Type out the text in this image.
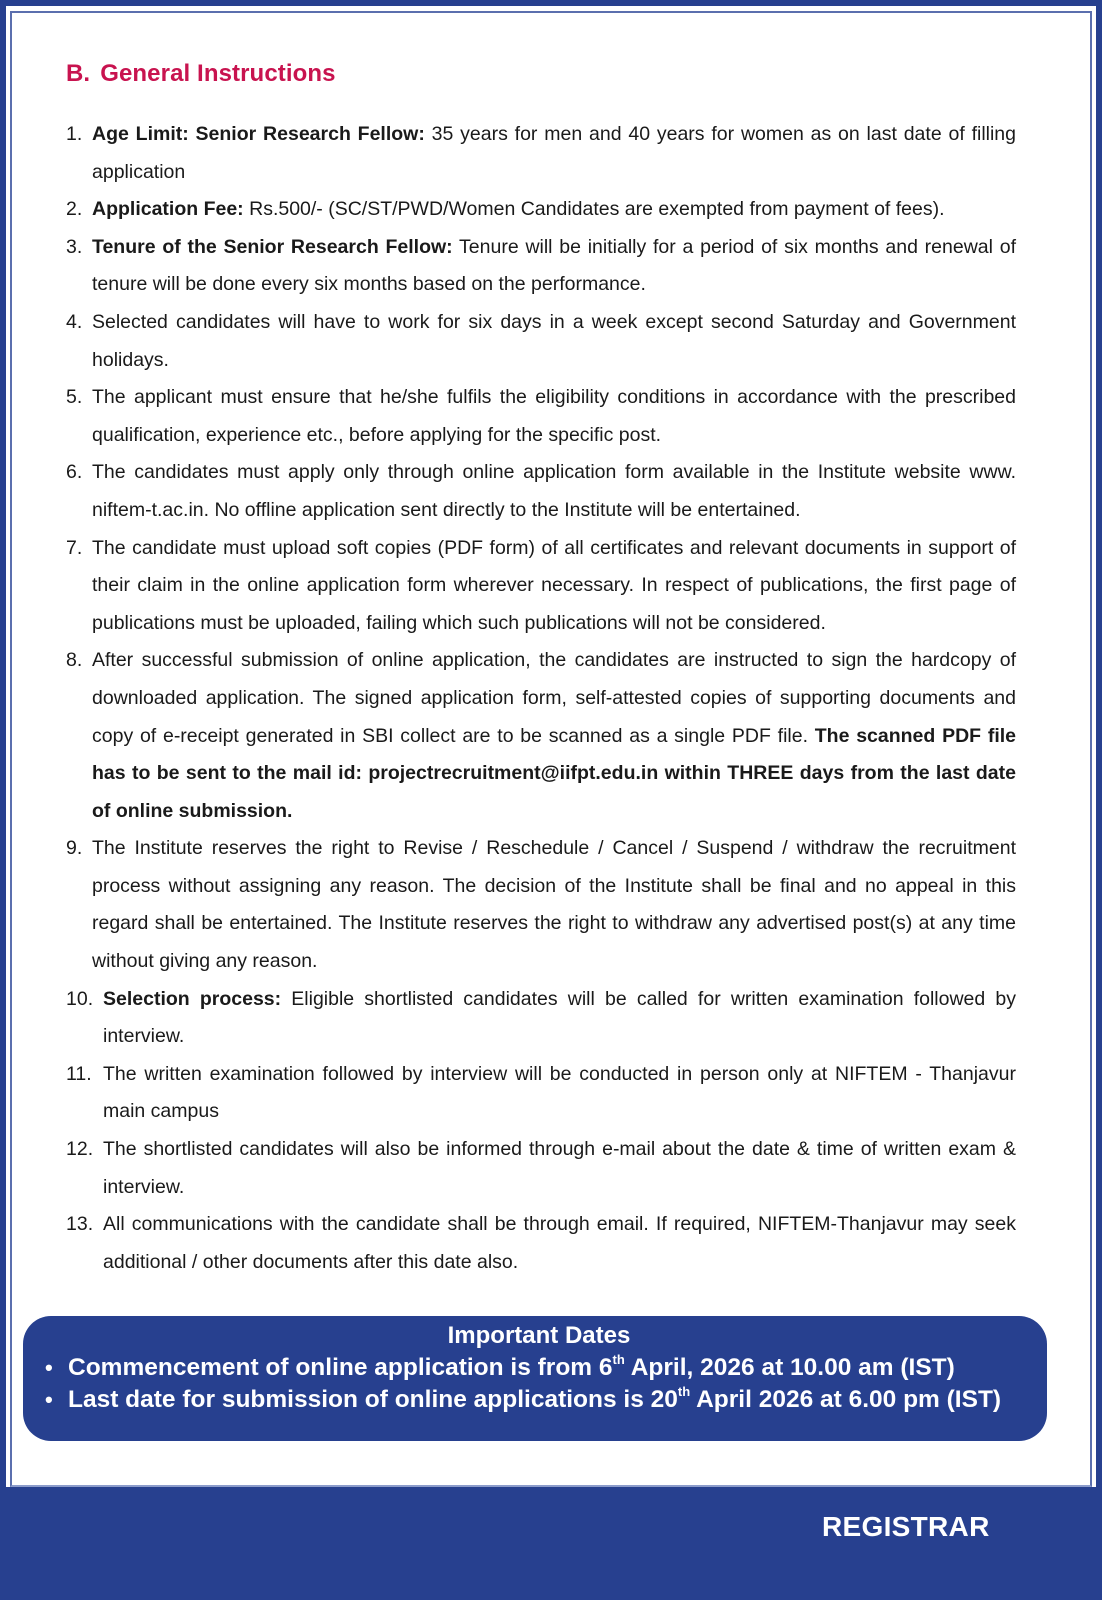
B. General Instructions
1. Age Limit: Senior Research Fellow: 35 years for men and 40 years for women as on last date of filling application
2. Application Fee: Rs.500/- (SC/ST/PWD/Women Candidates are exempted from payment of fees).
3. Tenure of the Senior Research Fellow: Tenure will be initially for a period of six months and renewal of tenure will be done every six months based on the performance.
4. Selected candidates will have to work for six days in a week except second Saturday and Government holidays.
5. The applicant must ensure that he/she fulfils the eligibility conditions in accordance with the prescribed qualification, experience etc., before applying for the specific post.
6. The candidates must apply only through online application form available in the Institute website www. niftem-t.ac.in. No offline application sent directly to the Institute will be entertained.
7. The candidate must upload soft copies (PDF form) of all certificates and relevant documents in support of their claim in the online application form wherever necessary. In respect of publications, the first page of publications must be uploaded, failing which such publications will not be considered.
8. After successful submission of online application, the candidates are instructed to sign the hardcopy of downloaded application. The signed application form, self-attested copies of supporting documents and copy of e-receipt generated in SBI collect are to be scanned as a single PDF file. The scanned PDF file has to be sent to the mail id: projectrecruitment@iifpt.edu.in within THREE days from the last date of online submission.
9. The Institute reserves the right to Revise / Reschedule / Cancel / Suspend / withdraw the recruitment process without assigning any reason. The decision of the Institute shall be final and no appeal in this regard shall be entertained. The Institute reserves the right to withdraw any advertised post(s) at any time without giving any reason.
10. Selection process: Eligible shortlisted candidates will be called for written examination followed by interview.
11. The written examination followed by interview will be conducted in person only at NIFTEM - Thanjavur main campus
12. The shortlisted candidates will also be informed through e-mail about the date & time of written exam & interview.
13. All communications with the candidate shall be through email. If required, NIFTEM-Thanjavur may seek additional / other documents after this date also.
Important Dates
• Commencement of online application is from 6th April, 2026 at 10.00 am (IST)
• Last date for submission of online applications is 20th April 2026 at 6.00 pm (IST)
REGISTRAR
